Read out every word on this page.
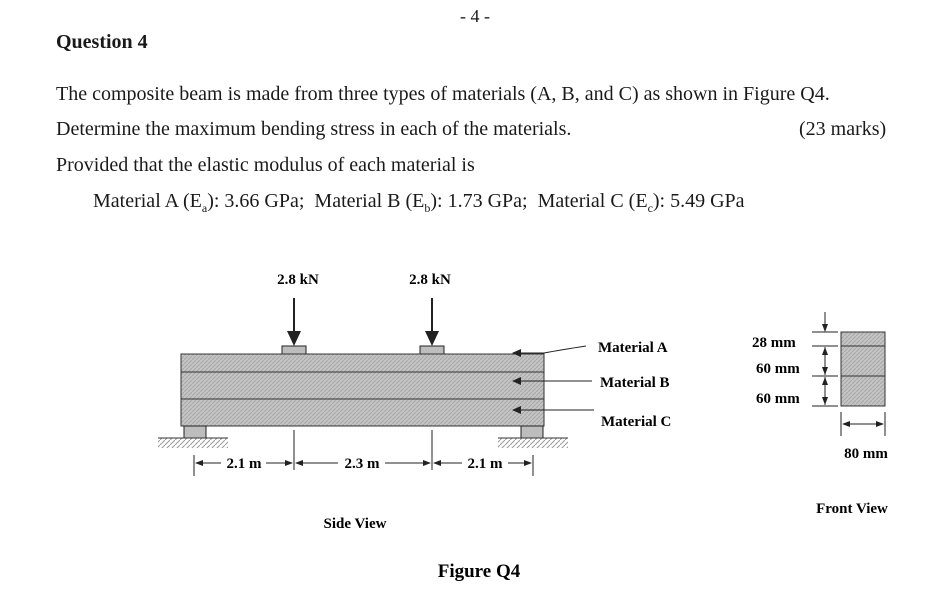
- 4 -
Question 4
The composite beam is made from three types of materials (A, B, and C) as shown in Figure Q4.
Determine the maximum bending stress in each of the materials.	(23 marks)
Provided that the elastic modulus of each material is
Material A $(E_a)$: 3.66 GPa; Material B $(E_b)$: 1.73 GPa; Material C $(E_c)$: 5.49 GPa
2.8 kN	2.8 kN
Material A
Material B
Material C
2.1 m	2.3 m	2.1 m
Side View
28 mm
60 mm
60 mm
80 mm
Front View
Figure Q4
